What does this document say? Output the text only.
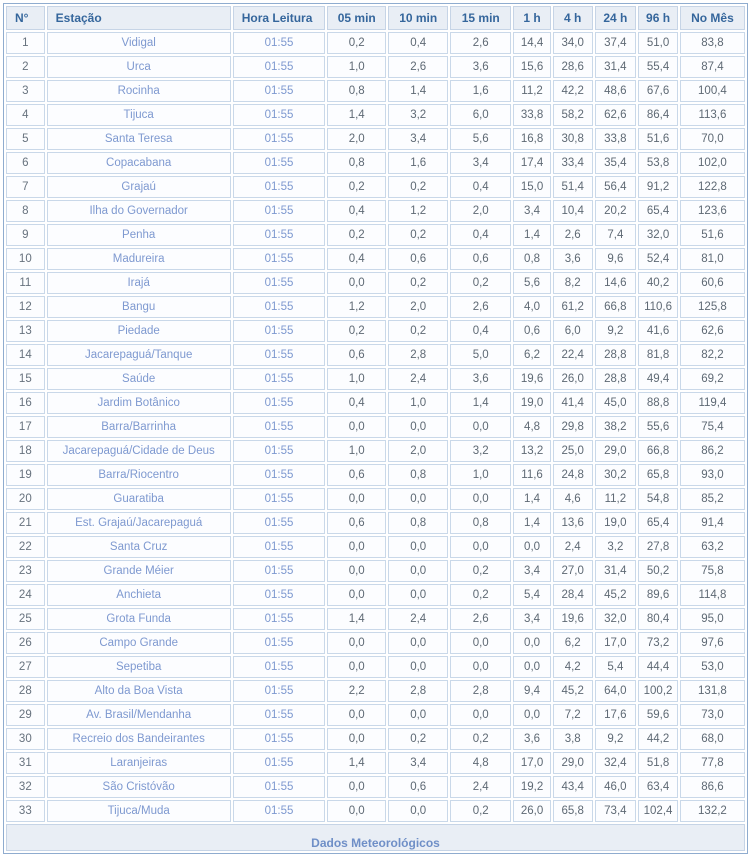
N°	Estação	Hora Leitura	05 min	10 min	15 min	1 h	4 h	24 h	96 h	No Mês
1	Vidigal	01:55	0,2	0,4	2,6	14,4	34,0	37,4	51,0	83,8
2	Urca	01:55	1,0	2,6	3,6	15,6	28,6	31,4	55,4	87,4
3	Rocinha	01:55	0,8	1,4	1,6	11,2	42,2	48,6	67,6	100,4
4	Tijuca	01:55	1,4	3,2	6,0	33,8	58,2	62,6	86,4	113,6
5	Santa Teresa	01:55	2,0	3,4	5,6	16,8	30,8	33,8	51,6	70,0
6	Copacabana	01:55	0,8	1,6	3,4	17,4	33,4	35,4	53,8	102,0
7	Grajaú	01:55	0,2	0,2	0,4	15,0	51,4	56,4	91,2	122,8
8	Ilha do Governador	01:55	0,4	1,2	2,0	3,4	10,4	20,2	65,4	123,6
9	Penha	01:55	0,2	0,2	0,4	1,4	2,6	7,4	32,0	51,6
10	Madureira	01:55	0,4	0,6	0,6	0,8	3,6	9,6	52,4	81,0
11	Irajá	01:55	0,0	0,2	0,2	5,6	8,2	14,6	40,2	60,6
12	Bangu	01:55	1,2	2,0	2,6	4,0	61,2	66,8	110,6	125,8
13	Piedade	01:55	0,2	0,2	0,4	0,6	6,0	9,2	41,6	62,6
14	Jacarepaguá/Tanque	01:55	0,6	2,8	5,0	6,2	22,4	28,8	81,8	82,2
15	Saúde	01:55	1,0	2,4	3,6	19,6	26,0	28,8	49,4	69,2
16	Jardim Botânico	01:55	0,4	1,0	1,4	19,0	41,4	45,0	88,8	119,4
17	Barra/Barrinha	01:55	0,0	0,0	0,0	4,8	29,8	38,2	55,6	75,4
18	Jacarepaguá/Cidade de Deus	01:55	1,0	2,0	3,2	13,2	25,0	29,0	66,8	86,2
19	Barra/Riocentro	01:55	0,6	0,8	1,0	11,6	24,8	30,2	65,8	93,0
20	Guaratiba	01:55	0,0	0,0	0,0	1,4	4,6	11,2	54,8	85,2
21	Est. Grajaú/Jacarepaguá	01:55	0,6	0,8	0,8	1,4	13,6	19,0	65,4	91,4
22	Santa Cruz	01:55	0,0	0,0	0,0	0,0	2,4	3,2	27,8	63,2
23	Grande Méier	01:55	0,0	0,0	0,2	3,4	27,0	31,4	50,2	75,8
24	Anchieta	01:55	0,0	0,0	0,2	5,4	28,4	45,2	89,6	114,8
25	Grota Funda	01:55	1,4	2,4	2,6	3,4	19,6	32,0	80,4	95,0
26	Campo Grande	01:55	0,0	0,0	0,0	0,0	6,2	17,0	73,2	97,6
27	Sepetiba	01:55	0,0	0,0	0,0	0,0	4,2	5,4	44,4	53,0
28	Alto da Boa Vista	01:55	2,2	2,8	2,8	9,4	45,2	64,0	100,2	131,8
29	Av. Brasil/Mendanha	01:55	0,0	0,0	0,0	0,0	7,2	17,6	59,6	73,0
30	Recreio dos Bandeirantes	01:55	0,0	0,2	0,2	3,6	3,8	9,2	44,2	68,0
31	Laranjeiras	01:55	1,4	3,4	4,8	17,0	29,0	32,4	51,8	77,8
32	São Cristóvão	01:55	0,0	0,6	2,4	19,2	43,4	46,0	63,4	86,6
33	Tijuca/Muda	01:55	0,0	0,0	0,2	26,0	65,8	73,4	102,4	132,2

Dados Meteorológicos										
